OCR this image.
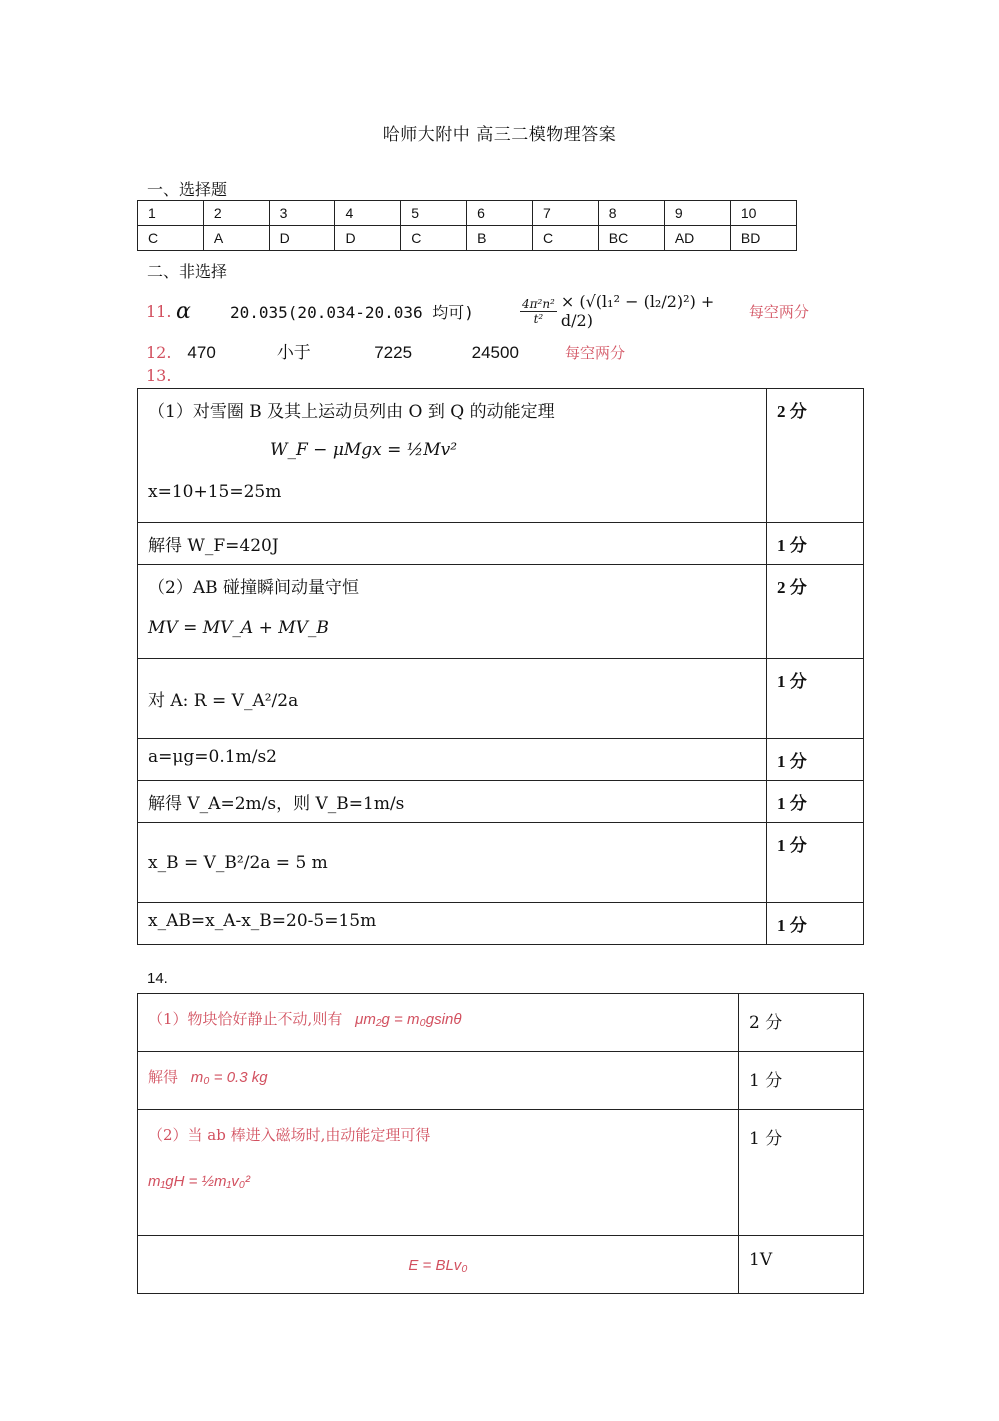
哈师大附中 高三二模物理答案
一、选择题
1	2	3	4	5	6	7	8	9	10
C	A	D	D	C	B	C	BC	AD	BD
二、非选择
11. α	20.035(20.034-20.036 均可)	$\frac{\text{4π²n²}}{\text{t²}} \times (√(l_1^2 - (l_2/2)^2) + d/2)$	每空两分
12. 470	小于	7225	24500	每空两分
13.
（1）对雪圈 B 及其上运动员列由 O 到 Q 的动能定理
W_F − μMgx = ½Mv²
x=10+15=25m	2 分
解得 W_F=420J	1 分

（2）AB 碰撞瞬间动量守恒
MV = MV_A + MV_B	2 分
对 A: R = V_A²/2a	1 分
a=μg=0.1m/s2	1 分
解得 V_A=2m/s，则 V_B=1m/s	1 分
x_B = V_B²/2a = 5 m	1 分
x_AB=x_A-x_B=20-5=15m	1 分
14.
（1）物块恰好静止不动,则有 μm₂g = m₀gsinθ	2 分
解得 m₀ = 0.3 kg	1 分

（2）当 ab 棒进入磁场时,由动能定理可得
m₁gH = ½m₁v₀²	1 分
E = BLv₀	1V
